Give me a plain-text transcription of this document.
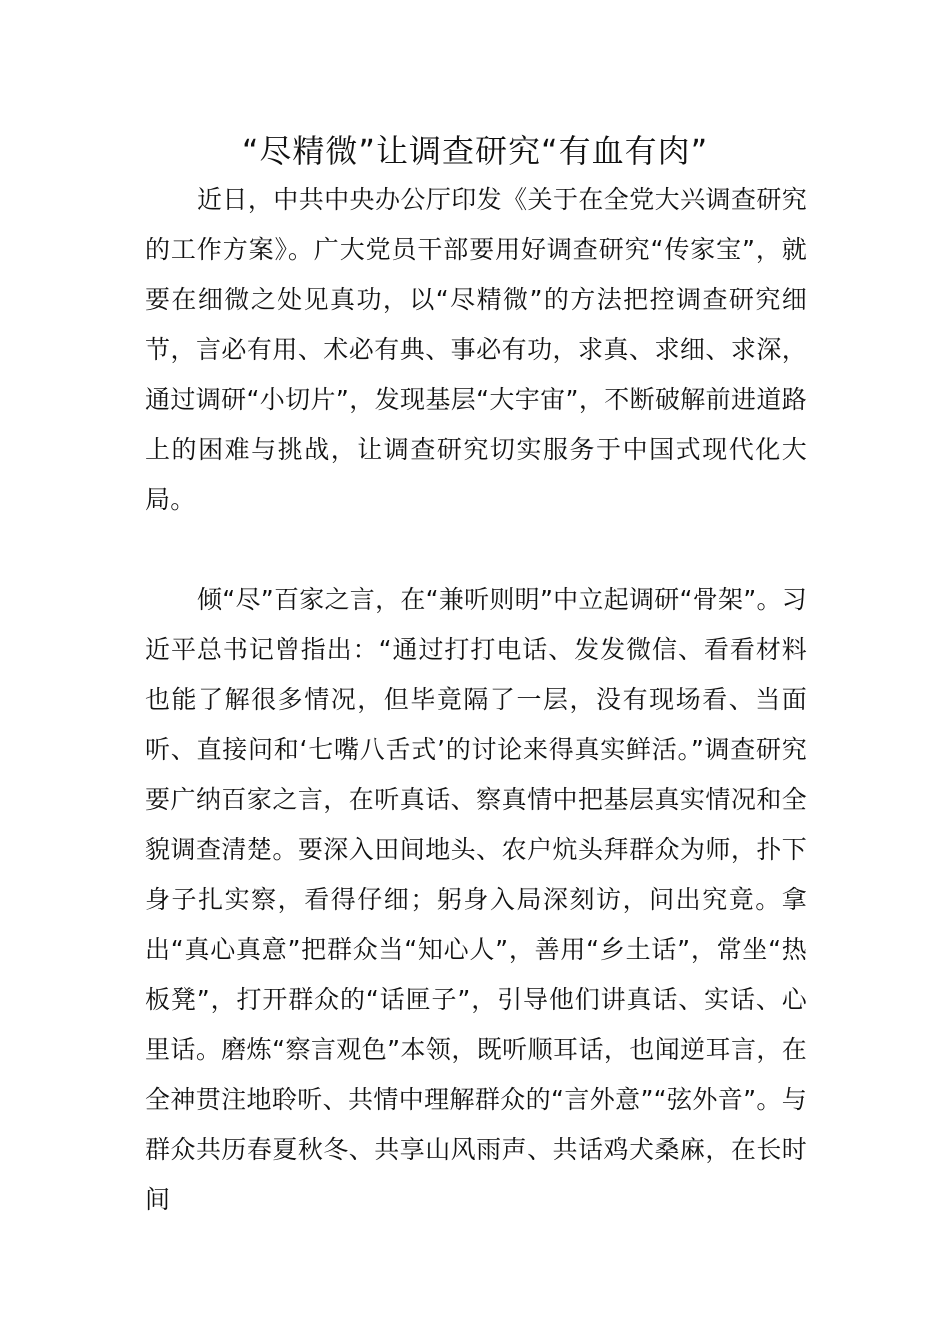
“尽精微”让调查研究“有血有肉”

近日，中共中央办公厅印发《关于在全党大兴调查研究的工作方案》。广大党员干部要用好调查研究“传家宝”，就要在细微之处见真功，以“尽精微”的方法把控调查研究细节，言必有用、术必有典、事必有功，求真、求细、求深，通过调研“小切片”，发现基层“大宇宙”，不断破解前进道路上的困难与挑战，让调查研究切实服务于中国式现代化大局。

倾“尽”百家之言，在“兼听则明”中立起调研“骨架”。习近平总书记曾指出：“通过打打电话、发发微信、看看材料也能了解很多情况，但毕竟隔了一层，没有现场看、当面听、直接问和‘七嘴八舌式’的讨论来得真实鲜活。”调查研究要广纳百家之言，在听真话、察真情中把基层真实情况和全貌调查清楚。要深入田间地头、农户炕头拜群众为师，扑下身子扎实察，看得仔细；躬身入局深刻访，问出究竟。拿出“真心真意”把群众当“知心人”，善用“乡土话”，常坐“热板凳”，打开群众的“话匣子”，引导他们讲真话、实话、心里话。磨炼“察言观色”本领，既听顺耳话，也闻逆耳言，在全神贯注地聆听、共情中理解群众的“言外意”“弦外音”。与群众共历春夏秋冬、共享山风雨声、共话鸡犬桑麻，在长时间
